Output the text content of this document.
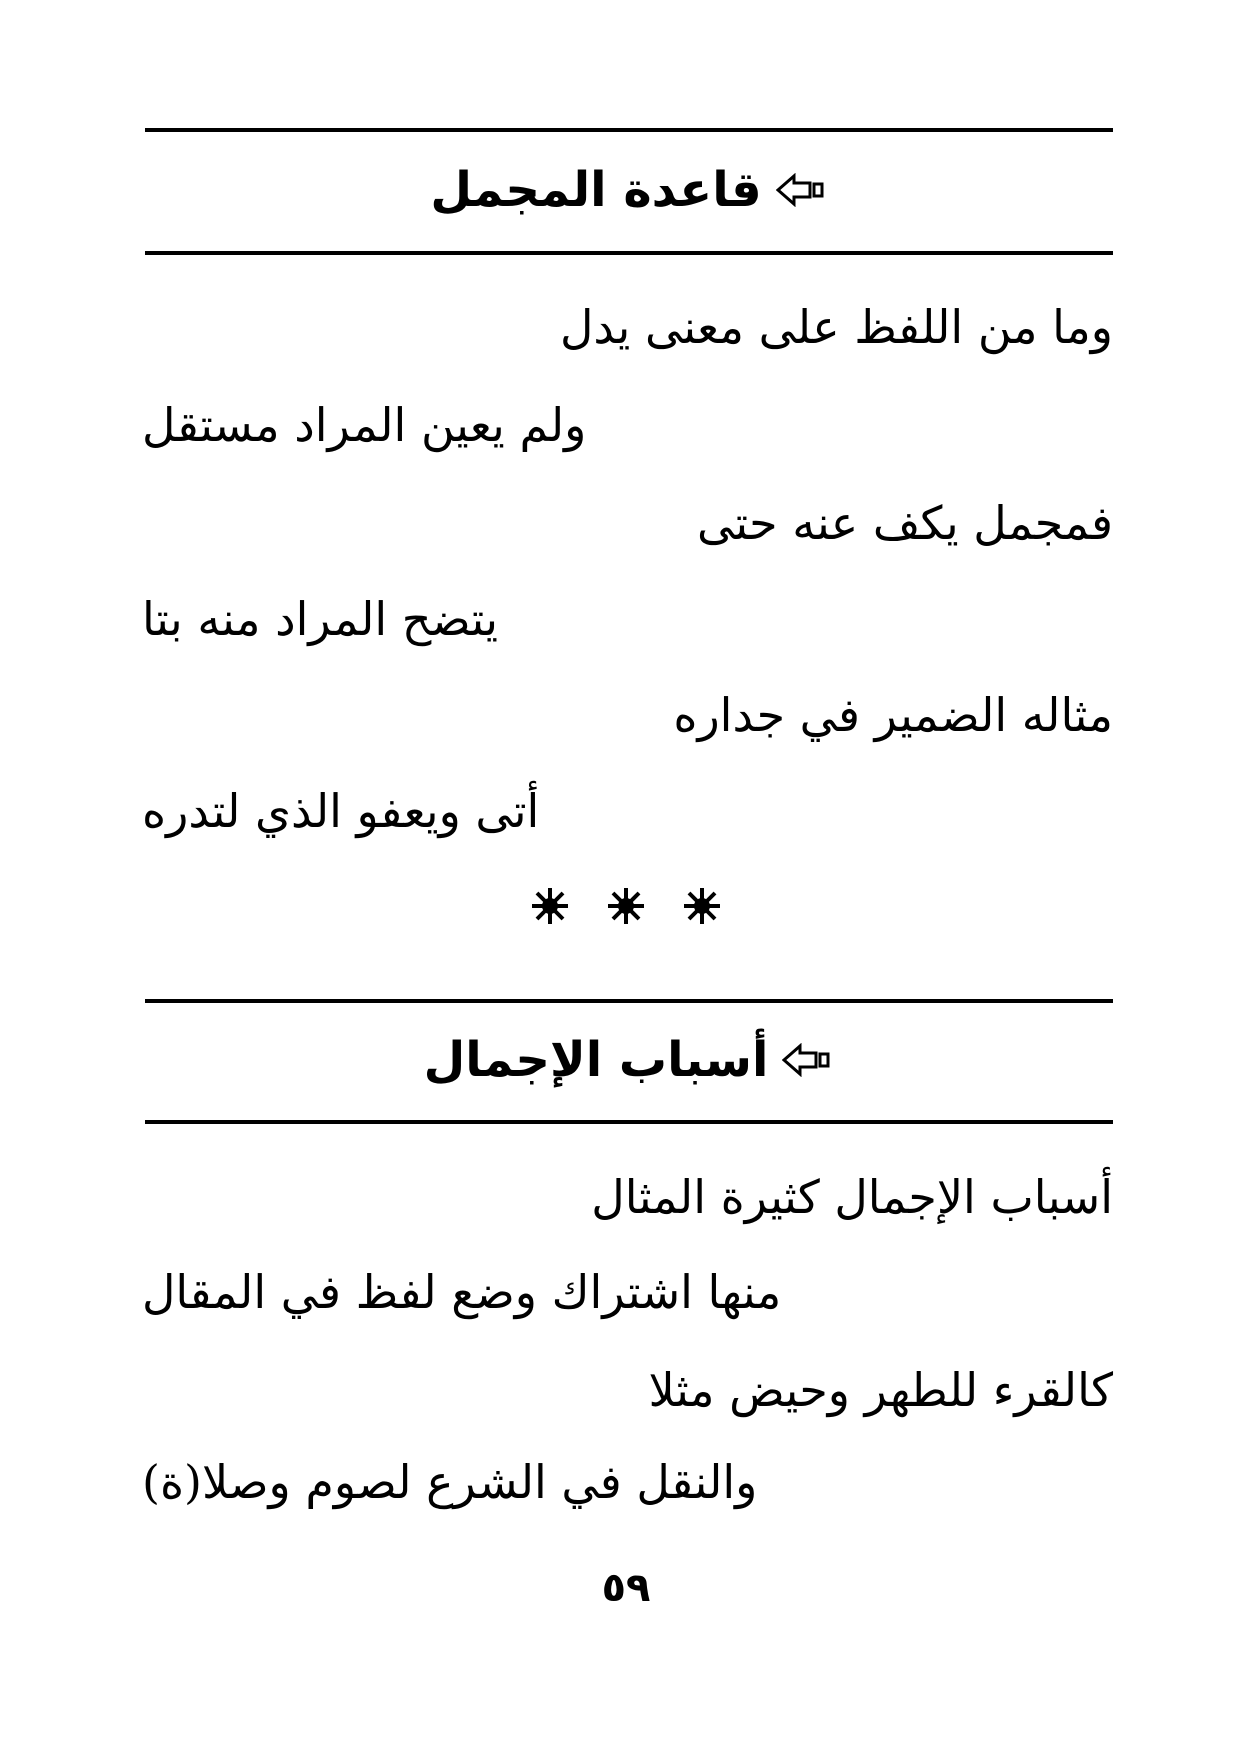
قاعدة المجمل
وما من اللفظ على معنى يدل
ولم يعين المراد مستقل
فمجمل يكف عنه حتى
يتضح المراد منه بتا
مثاله الضمير في جداره
أتى ويعفو الذي لتدره
أسباب الإجمال
أسباب الإجمال كثيرة المثال
منها اشتراك وضع لفظ في المقال
كالقرء للطهر وحيض مثلا
والنقل في الشرع لصوم وصلا(ة)
٥٩
